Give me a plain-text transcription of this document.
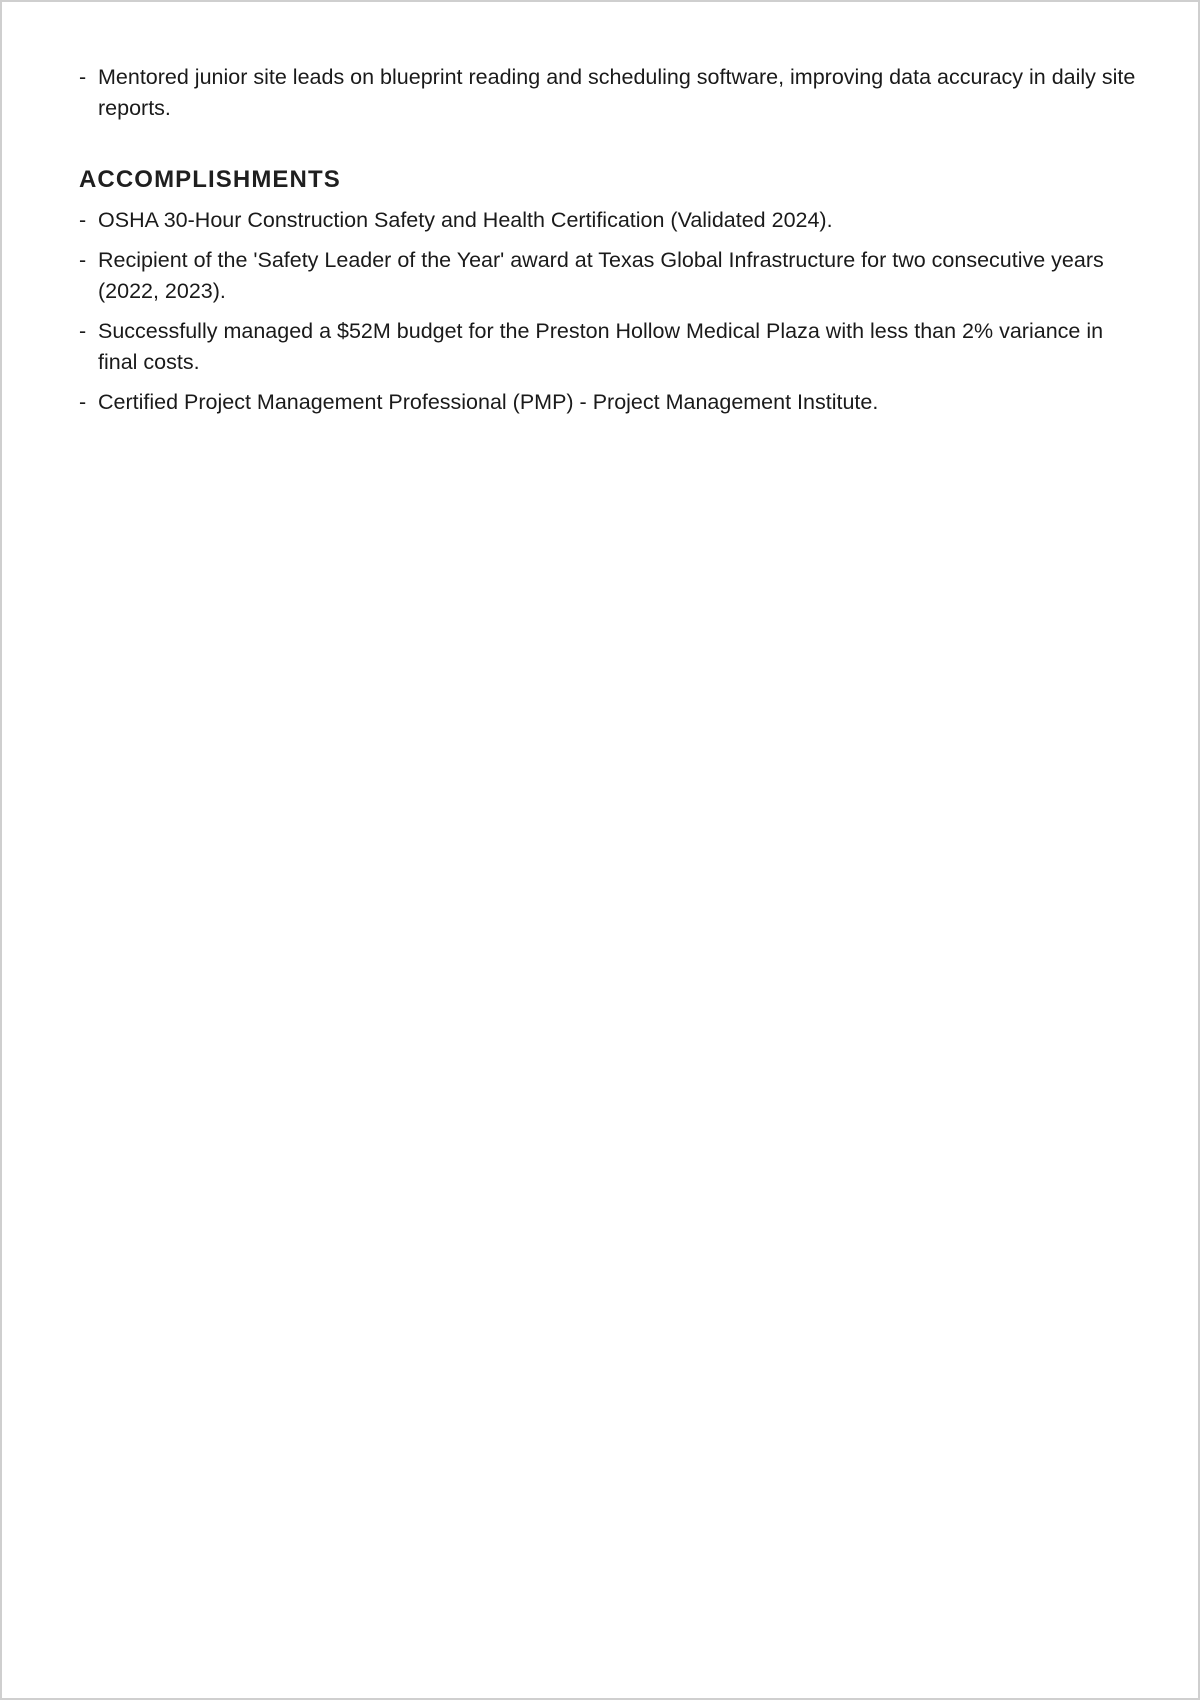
- Mentored junior site leads on blueprint reading and scheduling software, improving data accuracy in daily site reports.
ACCOMPLISHMENTS
- OSHA 30-Hour Construction Safety and Health Certification (Validated 2024).
- Recipient of the 'Safety Leader of the Year' award at Texas Global Infrastructure for two consecutive years (2022, 2023).
- Successfully managed a $52M budget for the Preston Hollow Medical Plaza with less than 2% variance in final costs.
- Certified Project Management Professional (PMP) - Project Management Institute.
